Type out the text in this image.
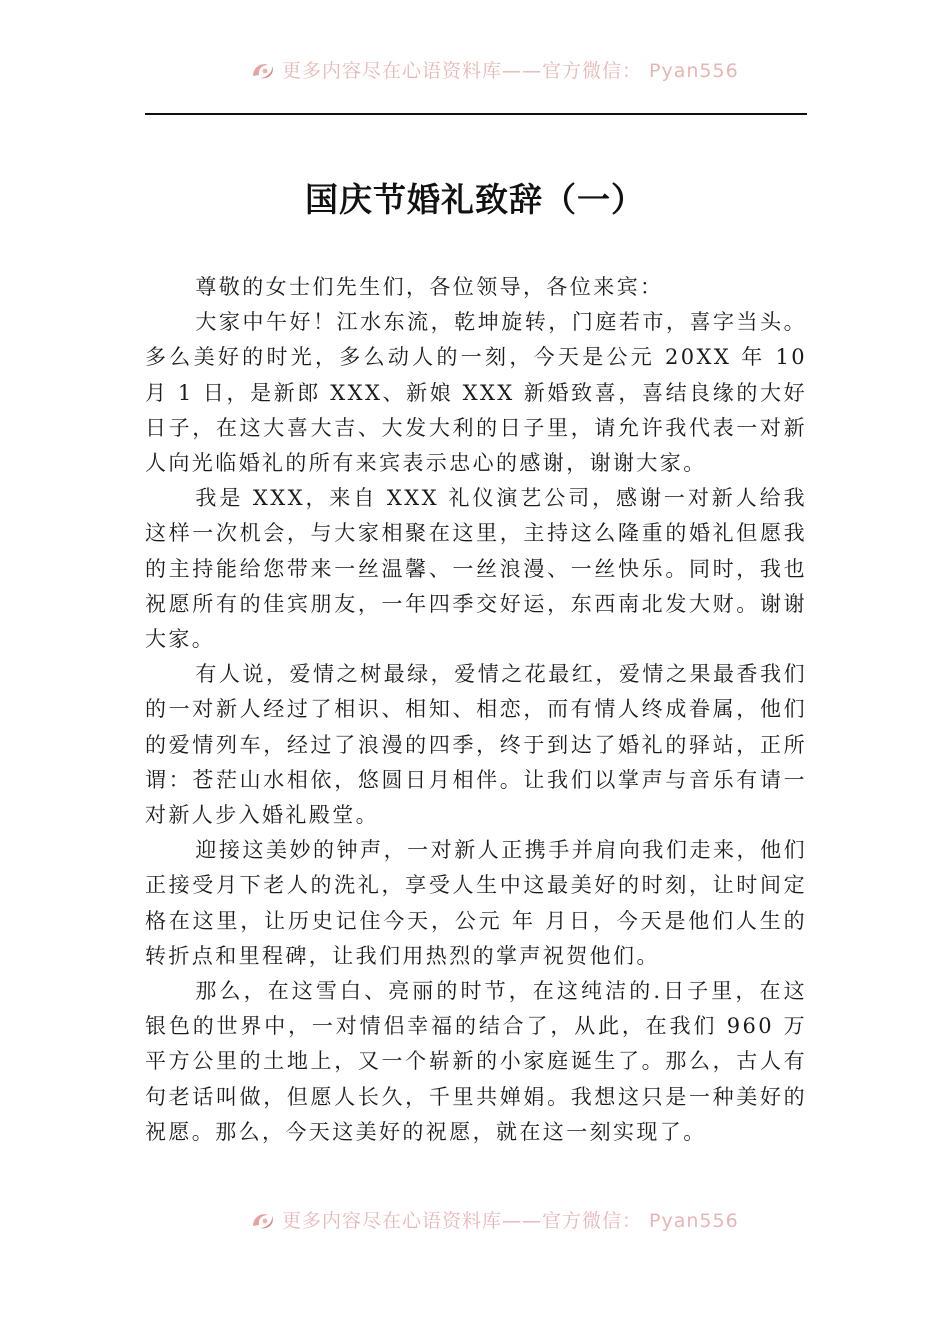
更多内容尽在心语资料库——官方微信： Pyan556
国庆节婚礼致辞（一）

尊敬的女士们先生们，各位领导，各位来宾：

大家中午好！江水东流，乾坤旋转，门庭若市，喜字当头。多么美好的时光，多么动人的一刻，今天是公元 20XX 年 10 月 1 日，是新郎 XXX、新娘 XXX 新婚致喜，喜结良缘的大好日子，在这大喜大吉、大发大利的日子里，请允许我代表一对新人向光临婚礼的所有来宾表示忠心的感谢，谢谢大家。

我是 XXX，来自 XXX 礼仪演艺公司，感谢一对新人给我这样一次机会，与大家相聚在这里，主持这么隆重的婚礼但愿我的主持能给您带来一丝温馨、一丝浪漫、一丝快乐。同时，我也祝愿所有的佳宾朋友，一年四季交好运，东西南北发大财。谢谢大家。

有人说，爱情之树最绿，爱情之花最红，爱情之果最香我们的一对新人经过了相识、相知、相恋，而有情人终成眷属，他们的爱情列车，经过了浪漫的四季，终于到达了婚礼的驿站，正所谓：苍茫山水相依，悠圆日月相伴。让我们以掌声与音乐有请一对新人步入婚礼殿堂。

迎接这美妙的钟声，一对新人正携手并肩向我们走来，他们正接受月下老人的洗礼，享受人生中这最美好的时刻，让时间定格在这里，让历史记住今天，公元 年 月日，今天是他们人生的转折点和里程碑，让我们用热烈的掌声祝贺他们。

那么，在这雪白、亮丽的时节，在这纯洁的.日子里，在这银色的世界中，一对情侣幸福的结合了，从此，在我们 960 万平方公里的土地上，又一个崭新的小家庭诞生了。那么，古人有句老话叫做，但愿人长久，千里共婵娟。我想这只是一种美好的祝愿。那么，今天这美好的祝愿，就在这一刻实现了。

更多内容尽在心语资料库——官方微信： Pyan556
